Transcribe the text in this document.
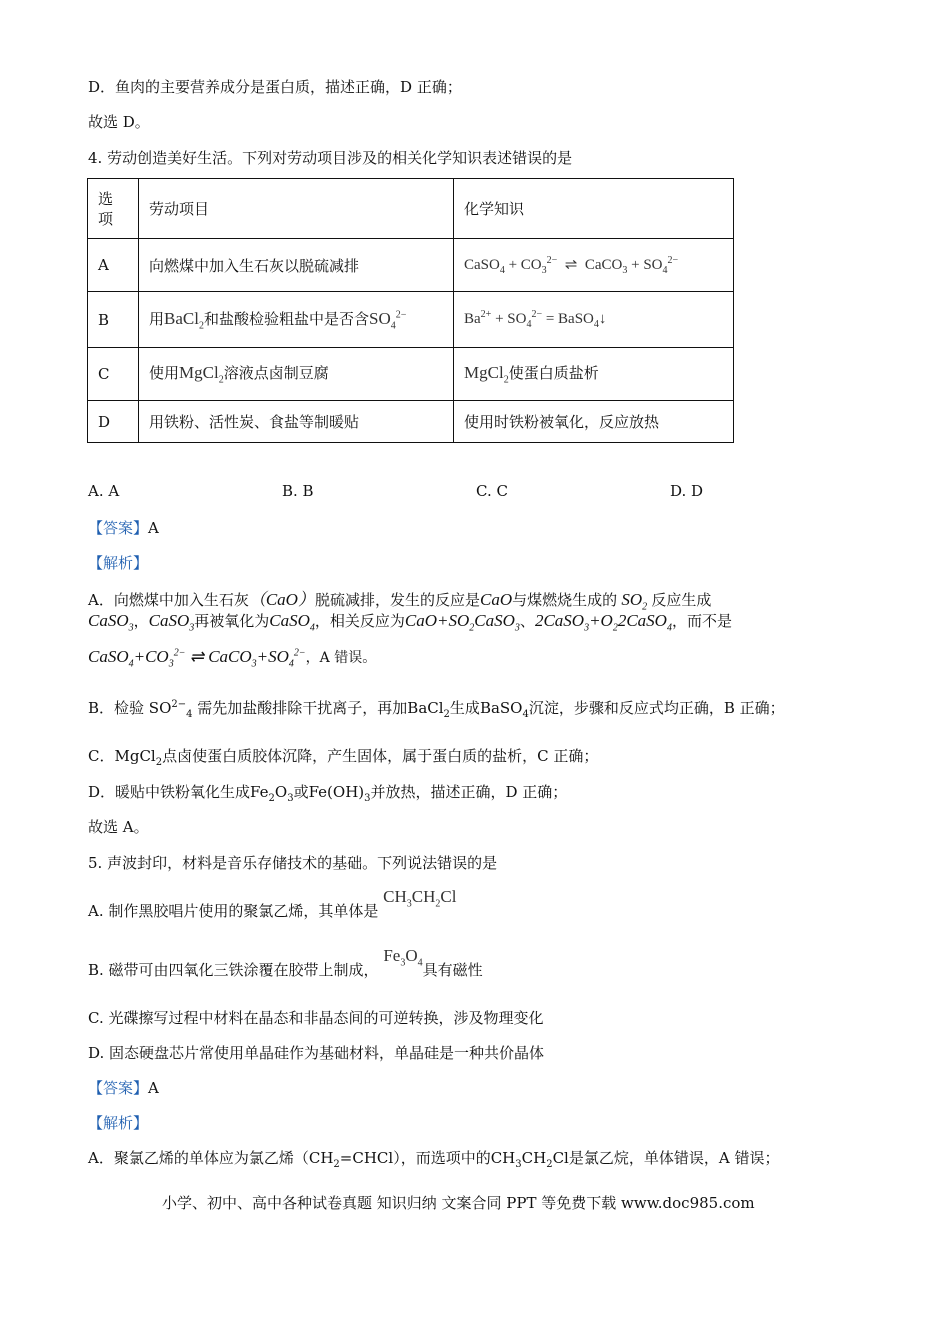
D．鱼肉的主要营养成分是蛋白质，描述正确，D 正确；
故选 D。
4. 劳动创造美好生活。下列对劳动项目涉及的相关化学知识表述错误的是
选项	劳动项目	化学知识
A	向燃煤中加入生石灰以脱硫减排	CaSO$_4$ + $CO_3^{2-}$  ⇌  CaCO$_3$ + $SO_4^{2-}$
B	用BaCl$_2$和盐酸检验粗盐中是否含$SO_4^{2-}$	$Ba^{2+} + SO_4^{2-}$ = BaSO$_4$↓
C	使用MgCl$_2$溶液点卤制豆腐	MgCl$_2$使蛋白质盐析
D	用铁粉、活性炭、食盐等制暖贴	使用时铁粉被氧化，反应放热
A. A	B. B	C. C	D. D
【答案】A
【解析】
A．向燃煤中加入生石灰（CaO）脱硫减排，发生的反应是CaO与煤燃烧生成的 $SO_2$ 反应生成
CaSO$_3$，CaSO$_3$再被氧化为CaSO$_4$，相关反应为$CaO+SO_2CaSO_3$、$2CaSO_3+O_22CaSO_4$，而不是
$CaSO_4+CO_3^{2-}$ ⇌ $CaCO_3+SO_4^{2-}$，A 错误。
B．检验 $SO^{2-}_4$ 需先加盐酸排除干扰离子，再加BaCl$_2$生成BaSO$_4$沉淀，步骤和反应式均正确，B 正确；
C．MgCl$_2$点卤使蛋白质胶体沉降，产生固体，属于蛋白质的盐析，C 正确；
D．暖贴中铁粉氧化生成$Fe_2O_3$或$Fe(OH)_3$并放热，描述正确，D 正确；
故选 A。
5. 声波封印，材料是音乐存储技术的基础。下列说法错误的是
A. 制作黑胶唱片使用的聚氯乙烯，其单体是 $CH_3CH_2Cl$
B. 磁带可由四氧化三铁涂覆在胶带上制成， $Fe_3O_4$具有磁性
C. 光碟擦写过程中材料在晶态和非晶态间的可逆转换，涉及物理变化
D. 固态硬盘芯片常使用单晶硅作为基础材料，单晶硅是一种共价晶体
【答案】A
【解析】
A．聚氯乙烯的单体应为氯乙烯$(CH_2=CHCl)$，而选项中的$CH_3CH_2Cl$是氯乙烷，单体错误，A 错误；
小学、初中、高中各种试卷真题 知识归纳 文案合同 PPT 等免费下载 www.doc985.com
